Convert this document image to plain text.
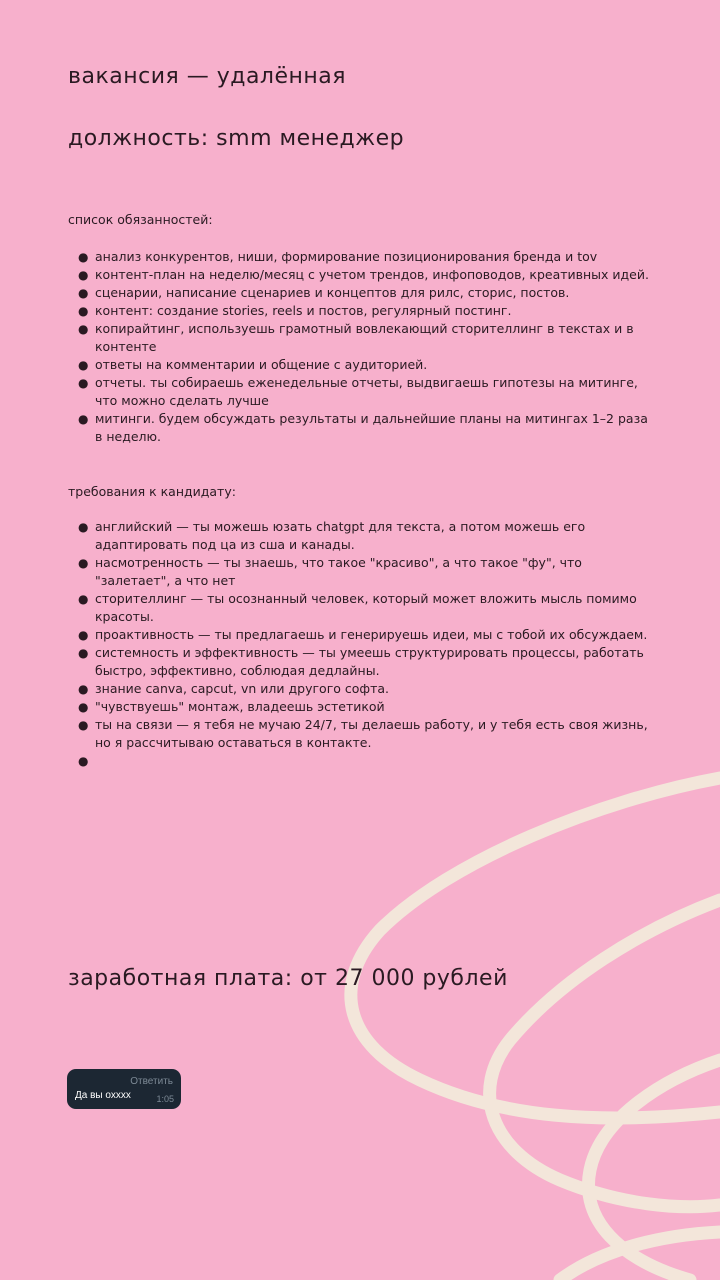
вакансия — удалённая
должность: smm менеджер

список обязанностей:

● анализ конкурентов, ниши, формирование позиционирования бренда и tov
● контент-план на неделю/месяц с учетом трендов, инфоповодов, креативных идей.
● сценарии, написание сценариев и концептов для рилс, сторис, постов.
● контент: создание stories, reels и постов, регулярный постинг.
● копирайтинг, используешь грамотный вовлекающий сторителлинг в текстах и в контенте
● ответы на комментарии и общение с аудиторией.
● отчеты. ты собираешь еженедельные отчеты, выдвигаешь гипотезы на митинге, что можно сделать лучше
● митинги. будем обсуждать результаты и дальнейшие планы на митингах 1–2 раза в неделю.

требования к кандидату:

● английский — ты можешь юзать chatgpt для текста, а потом можешь его адаптировать под ца из сша и канады.
● насмотренность — ты знаешь, что такое "красиво", а что такое "фу", что "залетает", а что нет
● сторителлинг — ты осознанный человек, который может вложить мысль помимо красоты.
● проактивность — ты предлагаешь и генерируешь идеи, мы с тобой их обсуждаем.
● системность и эффективность — ты умеешь структурировать процессы, работать быстро, эффективно, соблюдая дедлайны.
● знание canva, capcut, vn или другого софта.
● "чувствуешь" монтаж, владеешь эстетикой
● ты на связи — я тебя не мучаю 24/7, ты делаешь работу, и у тебя есть своя жизнь, но я рассчитываю оставаться в контакте.
●

заработная плата: от 27 000 рублей
Ответить
Да вы охххх	1:05
